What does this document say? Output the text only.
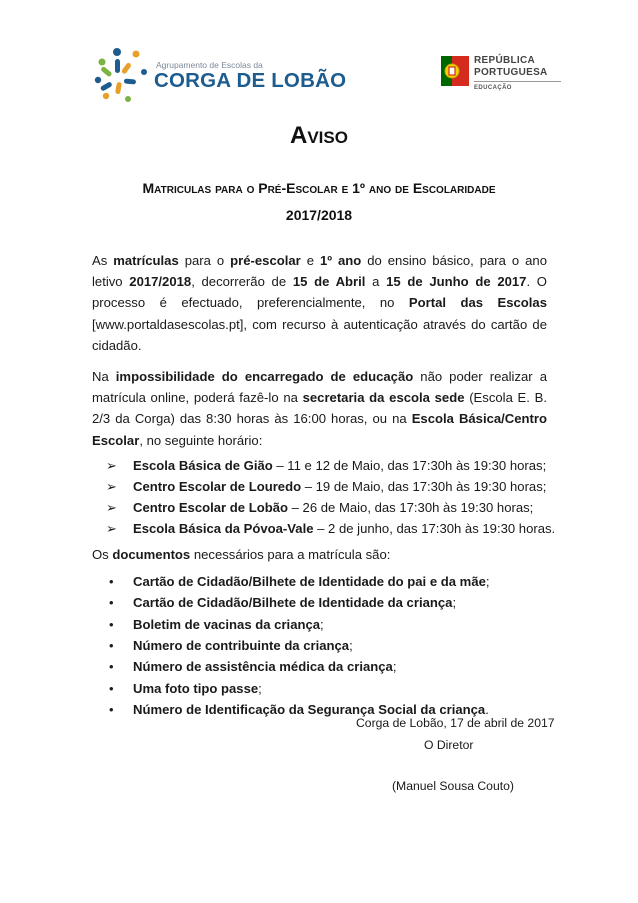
Agrupamento de Escolas da
CORGA DE LOBÃO
REPÚBLICA
PORTUGUESA
EDUCAÇÃO
Aviso
Matriculas para o Pré-Escolar e 1º ano de Escolaridade
2017/2018

As matrículas para o pré-escolar e 1º ano do ensino básico, para o ano letivo 2017/2018, decorrerão de 15 de Abril a 15 de Junho de 2017. O processo é efectuado, preferencialmente, no Portal das Escolas [www.portaldasescolas.pt], com recurso à autenticação através do cartão de cidadão.

Na impossibilidade do encarregado de educação não poder realizar a matrícula online, poderá fazê-lo na secretaria da escola sede (Escola E. B. 2/3 da Corga) das 8:30 horas às 16:00 horas, ou na Escola Básica/Centro Escolar, no seguinte horário:

➢ Escola Básica de Gião – 11 e 12 de Maio, das 17:30h às 19:30 horas;
➢ Centro Escolar de Louredo – 19 de Maio, das 17:30h às 19:30 horas;
➢ Centro Escolar de Lobão – 26 de Maio, das 17:30h às 19:30 horas;
➢ Escola Básica da Póvoa-Vale – 2 de junho, das 17:30h às 19:30 horas.

Os documentos necessários para a matrícula são:

• Cartão de Cidadão/Bilhete de Identidade do pai e da mãe;
• Cartão de Cidadão/Bilhete de Identidade da criança;
• Boletim de vacinas da criança;
• Número de contribuinte da criança;
• Número de assistência médica da criança;
• Uma foto tipo passe;
• Número de Identificação da Segurança Social da criança.
Corga de Lobão, 17 de abril de 2017
O Diretor
(Manuel Sousa Couto)
